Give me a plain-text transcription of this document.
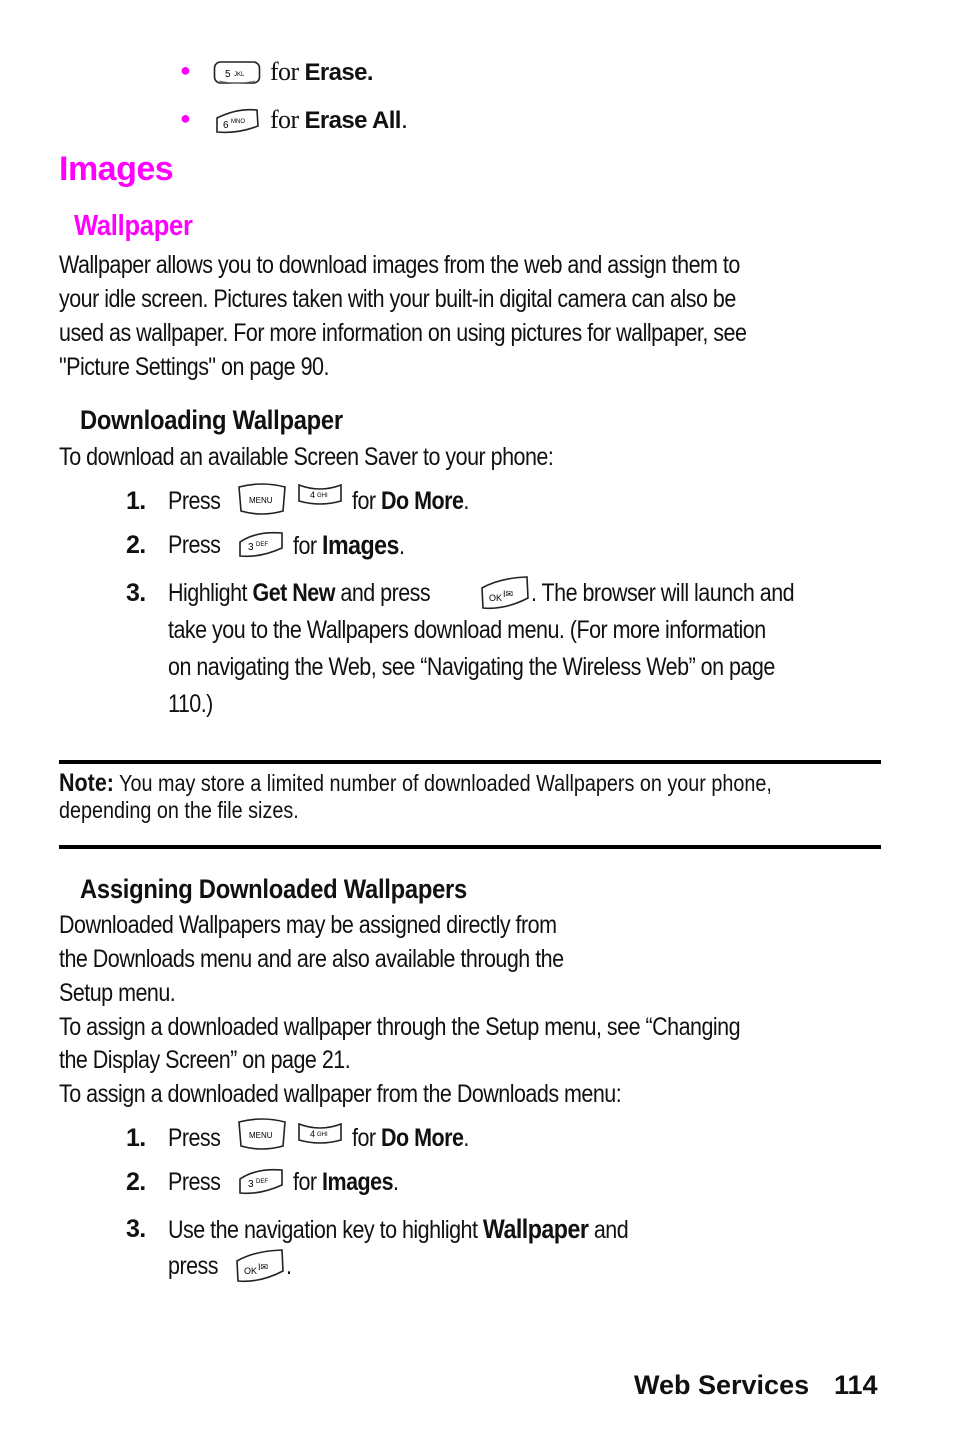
●	5 JKL for Erase.
●	6 MNO for Erase All.
Images
Wallpaper
Wallpaper allows you to download images from the web and assign them to
your idle screen. Pictures taken with your built-in digital camera can also be
used as wallpaper. For more information on using pictures for wallpaper, see
"Picture Settings" on page 90.
Downloading Wallpaper
To download an available Screen Saver to your phone:
1. Press	MENU
4 GHI for Do More.
2. Press	3 DEF for Images.
3. Highlight Get New and press	OK I✉ . The browser will launch and
take you to the Wallpapers download menu. (For more information
on navigating the Web, see “Navigating the Wireless Web” on page
110.)
Note: You may store a limited number of downloaded Wallpapers on your phone,
depending on the file sizes.
Assigning Downloaded Wallpapers
Downloaded Wallpapers may be assigned directly from
the Downloads menu and are also available through the
Setup menu.
To assign a downloaded wallpaper through the Setup menu, see “Changing
the Display Screen” on page 21.
To assign a downloaded wallpaper from the Downloads menu:
1. Press	MENU	4 GHI for Do More.
2. Press	3 DEF for Images.
3. Use the navigation key to highlight Wallpaper and
press	OK I✉ .
Web Services 114
